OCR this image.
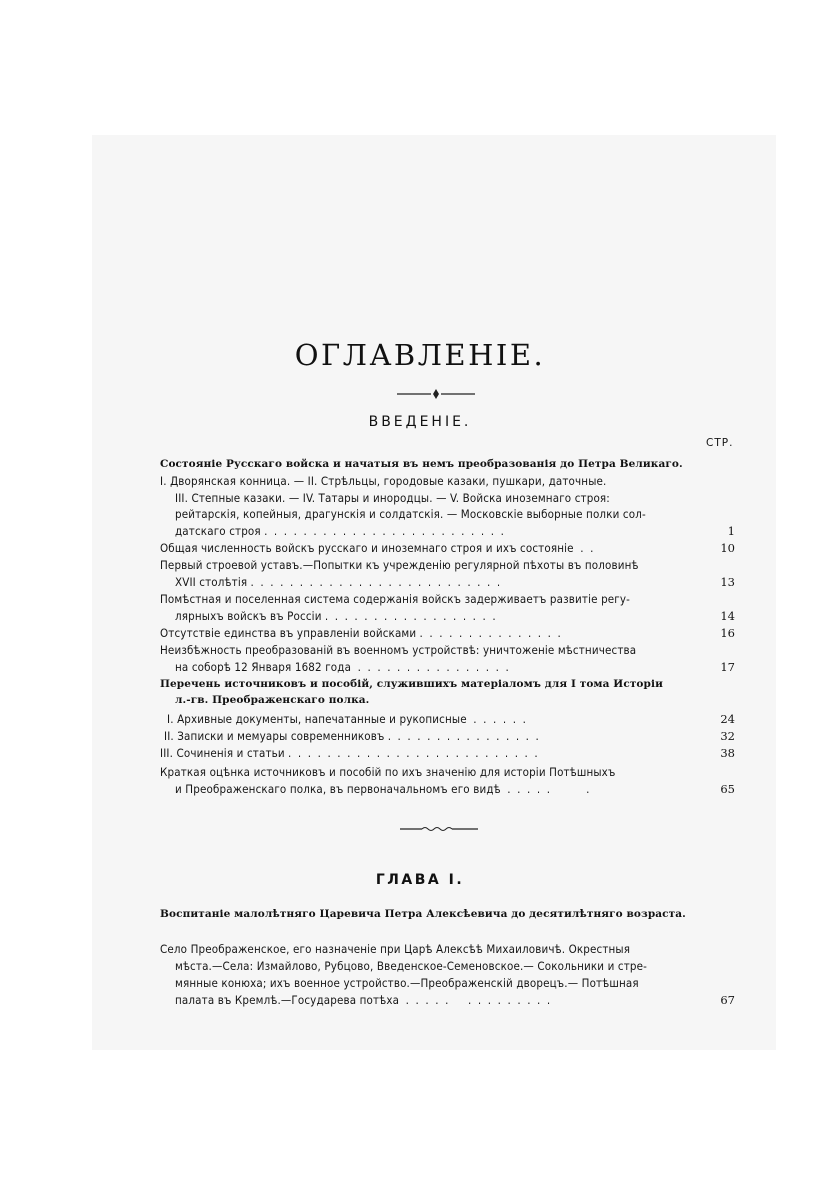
ОГЛАВЛЕНІЕ.
ВВЕДЕНІЕ.
СТР.
Состояніе Русскаго войска и начатыя въ немъ преобразованія до Петра Великаго.
I. Дворянская конница. — II. Стрѣльцы, городовые казаки, пушкари, даточные.
III. Степные казаки. — IV. Татары и инородцы. — V. Войска иноземнаго строя:
рейтарскія, копейныя, драгунскія и солдатскія. — Московскіе выборные полки сол-
датскаго строя .  .  .  .  .  .  .  .  .  .  .  .  .  .  .  .  .  .  .  .  .  .  .  .  .	1
Общая численность войскъ русскаго и иноземнаго строя и ихъ состояніе  .  .	10
Первый строевой уставъ.—Попытки къ учрежденію регулярной пѣхоты въ половинѣ
XVII столѣтія .  .  .  .  .  .  .  .  .  .  .  .  .  .  .  .  .  .  .  .  .  .  .  .  .  .	13
Помѣстная и поселенная система содержанія войскъ задерживаетъ развитіе регу-
лярныхъ войскъ въ Россіи .  .  .  .  .  .  .  .  .  .  .  .  .  .  .  .  .  .	14
Отсутствіе единства въ управленіи войсками .  .  .  .  .  .  .  .  .  .  .  .  .  .  .	16
Неизбѣжность преобразованій въ военномъ устройствѣ: уничтоженіе мѣстничества
на соборѣ 12 Января 1682 года  .  .  .  .  .  .  .  .  .  .  .  .  .  .  .  .	17
Перечень источниковъ и пособій, служившихъ матеріаломъ для I тома Исторіи
л.-гв. Преображенскаго полка.
I. Архивные документы, напечатанные и рукописные  .  .  .  .  .  .	24
II. Записки и мемуары современниковъ .  .  .  .  .  .  .  .  .  .  .  .  .  .  .  .	32
III. Сочиненія и статьи .  .  .  .  .  .  .  .  .  .  .  .  .  .  .  .  .  .  .  .  .  .  .  .  .  .	38
Краткая оцѣнка источниковъ и пособій по ихъ значенію для исторіи Потѣшныхъ
и Преображенскаго полка, въ первоначальномъ его видѣ  .  .  .  .  .           .	65
ГЛАВА I.
Воспитаніе малолѣтняго Царевича Петра Алексѣевича до десятилѣтняго возраста.
Село Преображенское, его назначеніе при Царѣ Алексѣѣ Михаиловичѣ. Окрестныя
мѣста.—Села: Измайлово, Рубцово, Введенское-Семеновское.— Сокольники и стре-
мянные конюха; ихъ военное устройство.—Преображенскій дворецъ.— Потѣшная
палата въ Кремлѣ.—Государева потѣха  .  .  .  .  .      .  .  .  .  .  .  .  .  .	67
